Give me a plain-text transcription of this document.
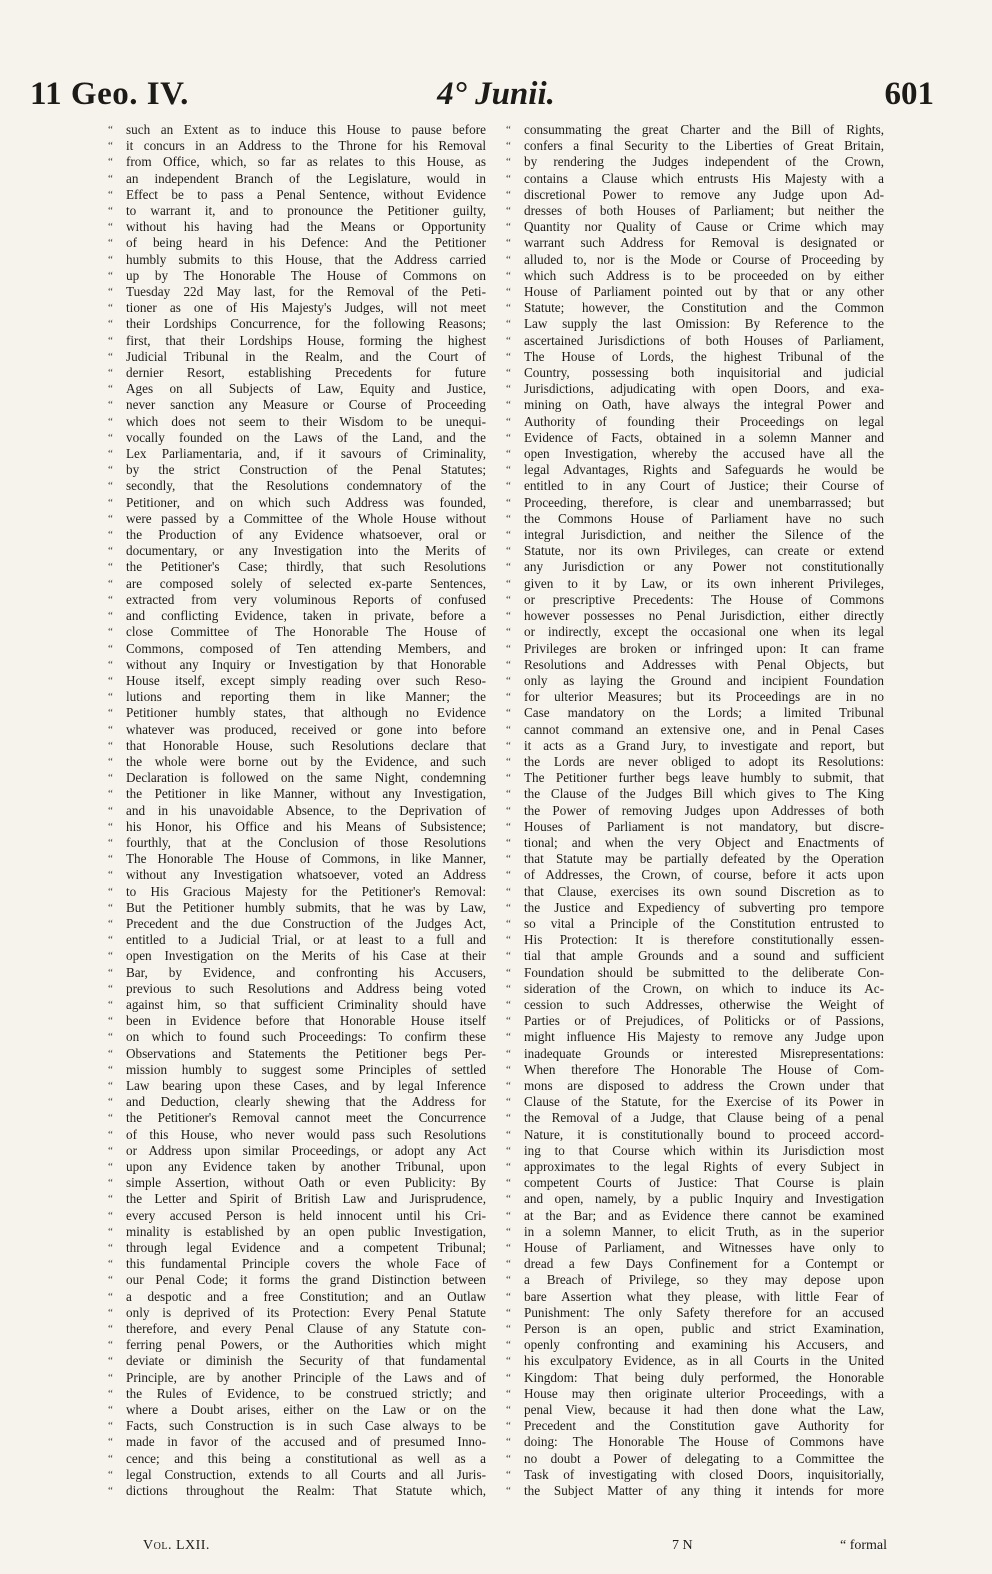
11 Geo. IV.	4° Junii.	601
“ such an Extent as to induce this House to pause before
“ it concurs in an Address to the Throne for his Removal
“ from Office, which, so far as relates to this House, as
“ an independent Branch of the Legislature, would in
“ Effect be to pass a Penal Sentence, without Evidence
“ to warrant it, and to pronounce the Petitioner guilty,
“ without his having had the Means or Opportunity
“ of being heard in his Defence: And the Petitioner
“ humbly submits to this House, that the Address carried
“ up by The Honorable The House of Commons on
“ Tuesday 22d May last, for the Removal of the Peti-
“ tioner as one of His Majesty's Judges, will not meet
“ their Lordships Concurrence, for the following Reasons;
“ first, that their Lordships House, forming the highest
“ Judicial Tribunal in the Realm, and the Court of
“ dernier Resort, establishing Precedents for future
“ Ages on all Subjects of Law, Equity and Justice,
“ never sanction any Measure or Course of Proceeding
“ which does not seem to their Wisdom to be unequi-
“ vocally founded on the Laws of the Land, and the
“ Lex Parliamentaria, and, if it savours of Criminality,
“ by the strict Construction of the Penal Statutes;
“ secondly, that the Resolutions condemnatory of the
“ Petitioner, and on which such Address was founded,
“ were passed by a Committee of the Whole House without
“ the Production of any Evidence whatsoever, oral or
“ documentary, or any Investigation into the Merits of
“ the Petitioner's Case; thirdly, that such Resolutions
“ are composed solely of selected ex-parte Sentences,
“ extracted from very voluminous Reports of confused
“ and conflicting Evidence, taken in private, before a
“ close Committee of The Honorable The House of
“ Commons, composed of Ten attending Members, and
“ without any Inquiry or Investigation by that Honorable
“ House itself, except simply reading over such Reso-
“ lutions and reporting them in like Manner; the
“ Petitioner humbly states, that although no Evidence
“ whatever was produced, received or gone into before
“ that Honorable House, such Resolutions declare that
“ the whole were borne out by the Evidence, and such
“ Declaration is followed on the same Night, condemning
“ the Petitioner in like Manner, without any Investigation,
“ and in his unavoidable Absence, to the Deprivation of
“ his Honor, his Office and his Means of Subsistence;
“ fourthly, that at the Conclusion of those Resolutions
“ The Honorable The House of Commons, in like Manner,
“ without any Investigation whatsoever, voted an Address
“ to His Gracious Majesty for the Petitioner's Removal:
“ But the Petitioner humbly submits, that he was by Law,
“ Precedent and the due Construction of the Judges Act,
“ entitled to a Judicial Trial, or at least to a full and
“ open Investigation on the Merits of his Case at their
“ Bar, by Evidence, and confronting his Accusers,
“ previous to such Resolutions and Address being voted
“ against him, so that sufficient Criminality should have
“ been in Evidence before that Honorable House itself
“ on which to found such Proceedings: To confirm these
“ Observations and Statements the Petitioner begs Per-
“ mission humbly to suggest some Principles of settled
“ Law bearing upon these Cases, and by legal Inference
“ and Deduction, clearly shewing that the Address for
“ the Petitioner's Removal cannot meet the Concurrence
“ of this House, who never would pass such Resolutions
“ or Address upon similar Proceedings, or adopt any Act
“ upon any Evidence taken by another Tribunal, upon
“ simple Assertion, without Oath or even Publicity: By
“ the Letter and Spirit of British Law and Jurisprudence,
“ every accused Person is held innocent until his Cri-
“ minality is established by an open public Investigation,
“ through legal Evidence and a competent Tribunal;
“ this fundamental Principle covers the whole Face of
“ our Penal Code; it forms the grand Distinction between
“ a despotic and a free Constitution; and an Outlaw
“ only is deprived of its Protection: Every Penal Statute
“ therefore, and every Penal Clause of any Statute con-
“ ferring penal Powers, or the Authorities which might
“ deviate or diminish the Security of that fundamental
“ Principle, are by another Principle of the Laws and of
“ the Rules of Evidence, to be construed strictly; and
“ where a Doubt arises, either on the Law or on the
“ Facts, such Construction is in such Case always to be
“ made in favor of the accused and of presumed Inno-
“ cence; and this being a constitutional as well as a
“ legal Construction, extends to all Courts and all Juris-
“ dictions throughout the Realm: That Statute which,
“ consummating the great Charter and the Bill of Rights,
“ confers a final Security to the Liberties of Great Britain,
“ by rendering the Judges independent of the Crown,
“ contains a Clause which entrusts His Majesty with a
“ discretional Power to remove any Judge upon Ad-
“ dresses of both Houses of Parliament; but neither the
“ Quantity nor Quality of Cause or Crime which may
“ warrant such Address for Removal is designated or
“ alluded to, nor is the Mode or Course of Proceeding by
“ which such Address is to be proceeded on by either
“ House of Parliament pointed out by that or any other
“ Statute; however, the Constitution and the Common
“ Law supply the last Omission: By Reference to the
“ ascertained Jurisdictions of both Houses of Parliament,
“ The House of Lords, the highest Tribunal of the
“ Country, possessing both inquisitorial and judicial
“ Jurisdictions, adjudicating with open Doors, and exa-
“ mining on Oath, have always the integral Power and
“ Authority of founding their Proceedings on legal
“ Evidence of Facts, obtained in a solemn Manner and
“ open Investigation, whereby the accused have all the
“ legal Advantages, Rights and Safeguards he would be
“ entitled to in any Court of Justice; their Course of
“ Proceeding, therefore, is clear and unembarrassed; but
“ the Commons House of Parliament have no such
“ integral Jurisdiction, and neither the Silence of the
“ Statute, nor its own Privileges, can create or extend
“ any Jurisdiction or any Power not constitutionally
“ given to it by Law, or its own inherent Privileges,
“ or prescriptive Precedents: The House of Commons
“ however possesses no Penal Jurisdiction, either directly
“ or indirectly, except the occasional one when its legal
“ Privileges are broken or infringed upon: It can frame
“ Resolutions and Addresses with Penal Objects, but
“ only as laying the Ground and incipient Foundation
“ for ulterior Measures; but its Proceedings are in no
“ Case mandatory on the Lords; a limited Tribunal
“ cannot command an extensive one, and in Penal Cases
“ it acts as a Grand Jury, to investigate and report, but
“ the Lords are never obliged to adopt its Resolutions:
“ The Petitioner further begs leave humbly to submit, that
“ the Clause of the Judges Bill which gives to The King
“ the Power of removing Judges upon Addresses of both
“ Houses of Parliament is not mandatory, but discre-
“ tional; and when the very Object and Enactments of
“ that Statute may be partially defeated by the Operation
“ of Addresses, the Crown, of course, before it acts upon
“ that Clause, exercises its own sound Discretion as to
“ the Justice and Expediency of subverting pro tempore
“ so vital a Principle of the Constitution entrusted to
“ His Protection: It is therefore constitutionally essen-
“ tial that ample Grounds and a sound and sufficient
“ Foundation should be submitted to the deliberate Con-
“ sideration of the Crown, on which to induce its Ac-
“ cession to such Addresses, otherwise the Weight of
“ Parties or of Prejudices, of Politicks or of Passions,
“ might influence His Majesty to remove any Judge upon
“ inadequate Grounds or interested Misrepresentations:
“ When therefore The Honorable The House of Com-
“ mons are disposed to address the Crown under that
“ Clause of the Statute, for the Exercise of its Power in
“ the Removal of a Judge, that Clause being of a penal
“ Nature, it is constitutionally bound to proceed accord-
“ ing to that Course which within its Jurisdiction most
“ approximates to the legal Rights of every Subject in
“ competent Courts of Justice: That Course is plain
“ and open, namely, by a public Inquiry and Investigation
“ at the Bar; and as Evidence there cannot be examined
“ in a solemn Manner, to elicit Truth, as in the superior
“ House of Parliament, and Witnesses have only to
“ dread a few Days Confinement for a Contempt or
“ a Breach of Privilege, so they may depose upon
“ bare Assertion what they please, with little Fear of
“ Punishment: The only Safety therefore for an accused
“ Person is an open, public and strict Examination,
“ openly confronting and examining his Accusers, and
“ his exculpatory Evidence, as in all Courts in the United
“ Kingdom: That being duly performed, the Honorable
“ House may then originate ulterior Proceedings, with a
“ penal View, because it had then done what the Law,
“ Precedent and the Constitution gave Authority for
“ doing: The Honorable The House of Commons have
“ no doubt a Power of delegating to a Committee the
“ Task of investigating with closed Doors, inquisitorially,
“ the Subject Matter of any thing it intends for more
Vol. LXII.	7 N	“ formal
